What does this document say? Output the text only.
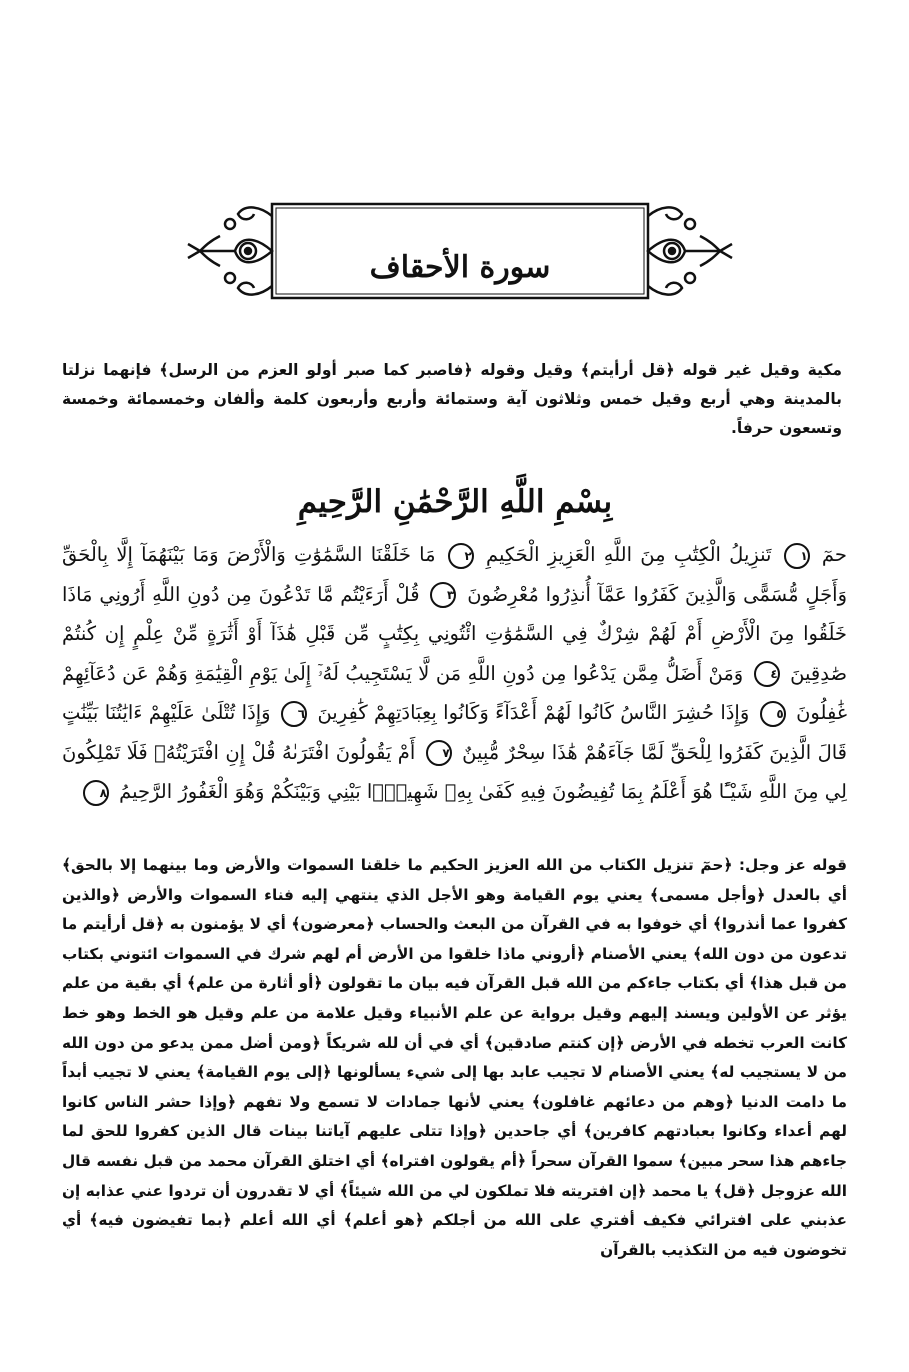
سورة الأحقاف
مكية وقيل غير قوله ﴿قل أرأيتم﴾ وقيل وقوله ﴿فاصبر كما صبر أولو العزم من الرسل﴾ فإنهما نزلتا بالمدينة وهي أربع وقيل خمس وثلاثون آية وستمائة وأربع وأربعون كلمة وألفان وخمسمائة وخمسة وتسعون حرفاً.
بِسْمِ اللَّهِ الرَّحْمَٰنِ الرَّحِيمِ
حمٓ ١ تَنزِيلُ الْكِتَٰبِ مِنَ اللَّهِ الْعَزِيزِ الْحَكِيمِ ٢ مَا خَلَقْنَا السَّمَٰوَٰتِ وَالْأَرْضَ وَمَا بَيْنَهُمَآ إِلَّا بِالْحَقِّ وَأَجَلٍ مُّسَمًّى وَالَّذِينَ كَفَرُوا عَمَّآ أُنذِرُوا مُعْرِضُونَ ٣ قُلْ أَرَءَيْتُم مَّا تَدْعُونَ مِن دُونِ اللَّهِ أَرُونِي مَاذَا خَلَقُوا مِنَ الْأَرْضِ أَمْ لَهُمْ شِرْكٌ فِي السَّمَٰوَٰتِ ائْتُونِي بِكِتَٰبٍ مِّن قَبْلِ هَٰذَآ أَوْ أَثَٰرَةٍ مِّنْ عِلْمٍ إِن كُنتُمْ صَٰدِقِينَ ٤ وَمَنْ أَضَلُّ مِمَّن يَدْعُوا مِن دُونِ اللَّهِ مَن لَّا يَسْتَجِيبُ لَهُۥٓ إِلَىٰ يَوْمِ الْقِيَٰمَةِ وَهُمْ عَن دُعَآئِهِمْ غَٰفِلُونَ ٥ وَإِذَا حُشِرَ النَّاسُ كَانُوا لَهُمْ أَعْدَآءً وَكَانُوا بِعِبَادَتِهِمْ كَٰفِرِينَ ٦ وَإِذَا تُتْلَىٰ عَلَيْهِمْ ءَايَٰتُنَا بَيِّنَٰتٍ قَالَ الَّذِينَ كَفَرُوا لِلْحَقِّ لَمَّا جَآءَهُمْ هَٰذَا سِحْرٌ مُّبِينٌ ٧ أَمْ يَقُولُونَ افْتَرَىٰهُ قُلْ إِنِ افْتَرَيْتُهُۥ فَلَا تَمْلِكُونَ لِي مِنَ اللَّهِ شَيْـًٔا هُوَ أَعْلَمُ بِمَا تُفِيضُونَ فِيهِ كَفَىٰ بِهِۦ شَهِيدًۢا بَيْنِي وَبَيْنَكُمْ وَهُوَ الْغَفُورُ الرَّحِيمُ ٨
قوله عز وجل: ﴿حمٓ تنزيل الكتاب من الله العزيز الحكيم ما خلقنا السموات والأرض وما بينهما إلا بالحق﴾ أي بالعدل ﴿وأجل مسمى﴾ يعني يوم القيامة وهو الأجل الذي ينتهي إليه فناء السموات والأرض ﴿والذين كفروا عما أنذروا﴾ أي خوفوا به في القرآن من البعث والحساب ﴿معرضون﴾ أي لا يؤمنون به ﴿قل أرأيتم ما تدعون من دون الله﴾ يعني الأصنام ﴿أروني ماذا خلقوا من الأرض أم لهم شرك في السموات ائتوني بكتاب من قبل هذا﴾ أي بكتاب جاءكم من الله قبل القرآن فيه بيان ما تقولون ﴿أو أثارة من علم﴾ أي بقية من علم يؤثر عن الأولين ويسند إليهم وقيل برواية عن علم الأنبياء وقيل علامة من علم وقيل هو الخط وهو خط كانت العرب تخطه في الأرض ﴿إن كنتم صادقين﴾ أي في أن لله شريكاً ﴿ومن أضل ممن يدعو من دون الله من لا يستجيب له﴾ يعني الأصنام لا تجيب عابد بها إلى شيء يسألونها ﴿إلى يوم القيامة﴾ يعني لا تجيب أبداً ما دامت الدنيا ﴿وهم من دعائهم غافلون﴾ يعني لأنها جمادات لا تسمع ولا تفهم ﴿وإذا حشر الناس كانوا لهم أعداء وكانوا بعبادتهم كافرين﴾ أي جاحدين ﴿وإذا تتلى عليهم آياتنا بينات قال الذين كفروا للحق لما جاءهم هذا سحر مبين﴾ سموا القرآن سحراً ﴿أم يقولون افتراه﴾ أي اختلق القرآن محمد من قبل نفسه قال الله عزوجل ﴿قل﴾ يا محمد ﴿إن افتريته فلا تملكون لي من الله شيئاً﴾ أي لا تقدرون أن تردوا عني عذابه إن عذبني على افترائي فكيف أفتري على الله من أجلكم ﴿هو أعلم﴾ أي الله أعلم ﴿بما تفيضون فيه﴾ أي تخوضون فيه من التكذيب بالقرآن
